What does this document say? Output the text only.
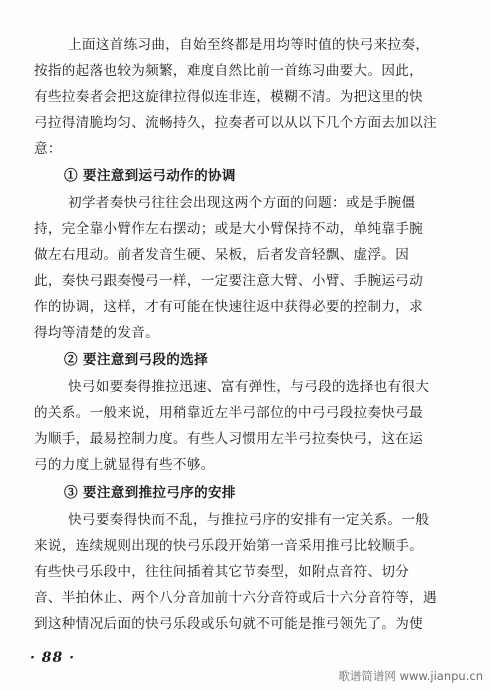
上面这首练习曲，自始至终都是用均等时值的快弓来拉奏，
按指的起落也较为频繁，难度自然比前一首练习曲要大。因此，
有些拉奏者会把这旋律拉得似连非连，模糊不清。为把这里的快
弓拉得清脆均匀、流畅持久，拉奏者可以从以下几个方面去加以注
意：
① 要注意到运弓动作的协调
初学者奏快弓往往会出现这两个方面的问题：或是手腕僵
持，完全靠小臂作左右摆动；或是大小臂保持不动，单纯靠手腕
做左右甩动。前者发音生硬、呆板，后者发音轻飘、虚浮。因
此，奏快弓跟奏慢弓一样，一定要注意大臂、小臂、手腕运弓动
作的协调，这样，才有可能在快速往返中获得必要的控制力，求
得均等清楚的发音。
② 要注意到弓段的选择
快弓如要奏得推拉迅速、富有弹性，与弓段的选择也有很大
的关系。一般来说，用稍靠近左半弓部位的中弓弓段拉奏快弓最
为顺手，最易控制力度。有些人习惯用左半弓拉奏快弓，这在运
弓的力度上就显得有些不够。
③ 要注意到推拉弓序的安排
快弓要奏得快而不乱，与推拉弓序的安排有一定关系。一般
来说，连续规则出现的快弓乐段开始第一音采用推弓比较顺手。
有些快弓乐段中，往往间插着其它节奏型，如附点音符、切分
音、半拍休止、两个八分音加前十六分音符或后十六分音符等，遇
到这种情况后面的快弓乐段或乐句就不可能是推弓领先了。为使
· 88 ·
歌谱简谱网 www.jianpu.cn
